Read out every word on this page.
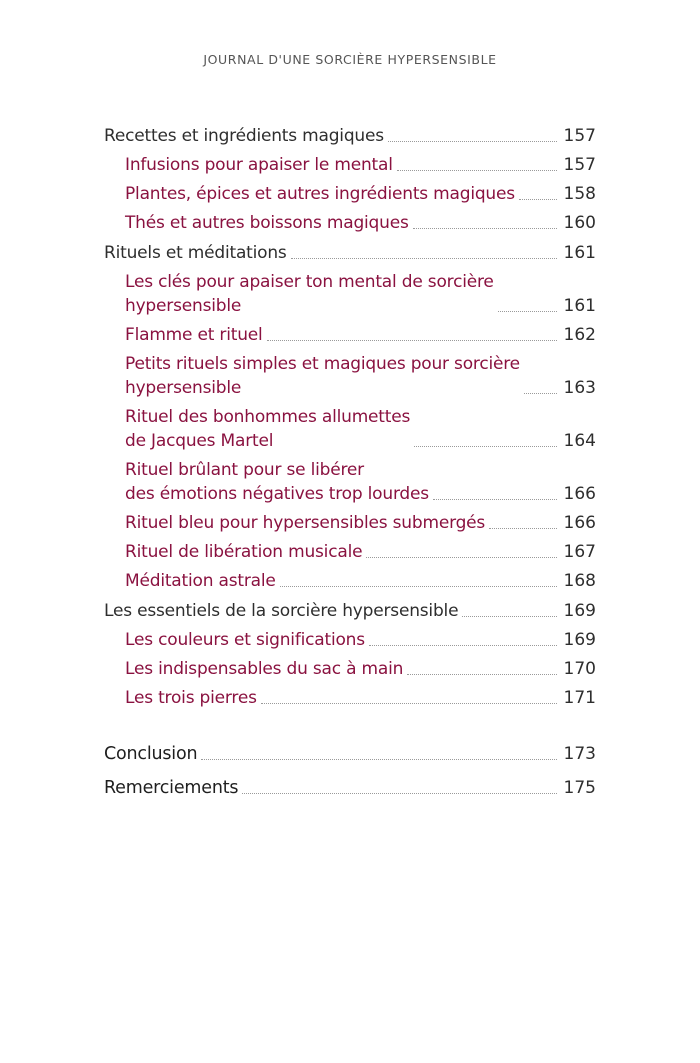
JOURNAL D'UNE SORCIÈRE HYPERSENSIBLE
Recettes et ingrédients magiques	157
Infusions pour apaiser le mental	157
Plantes, épices et autres ingrédients magiques	158
Thés et autres boissons magiques	160
Rituels et méditations	161
Les clés pour apaiser ton mental de sorcière
hypersensible	161
Flamme et rituel	162
Petits rituels simples et magiques pour sorcière
hypersensible	163
Rituel des bonhommes allumettes
de Jacques Martel	164
Rituel brûlant pour se libérer
des émotions négatives trop lourdes	166
Rituel bleu pour hypersensibles submergés	166
Rituel de libération musicale	167
Méditation astrale	168
Les essentiels de la sorcière hypersensible	169
Les couleurs et significations	169
Les indispensables du sac à main	170
Les trois pierres	171
Conclusion	173
Remerciements	175
